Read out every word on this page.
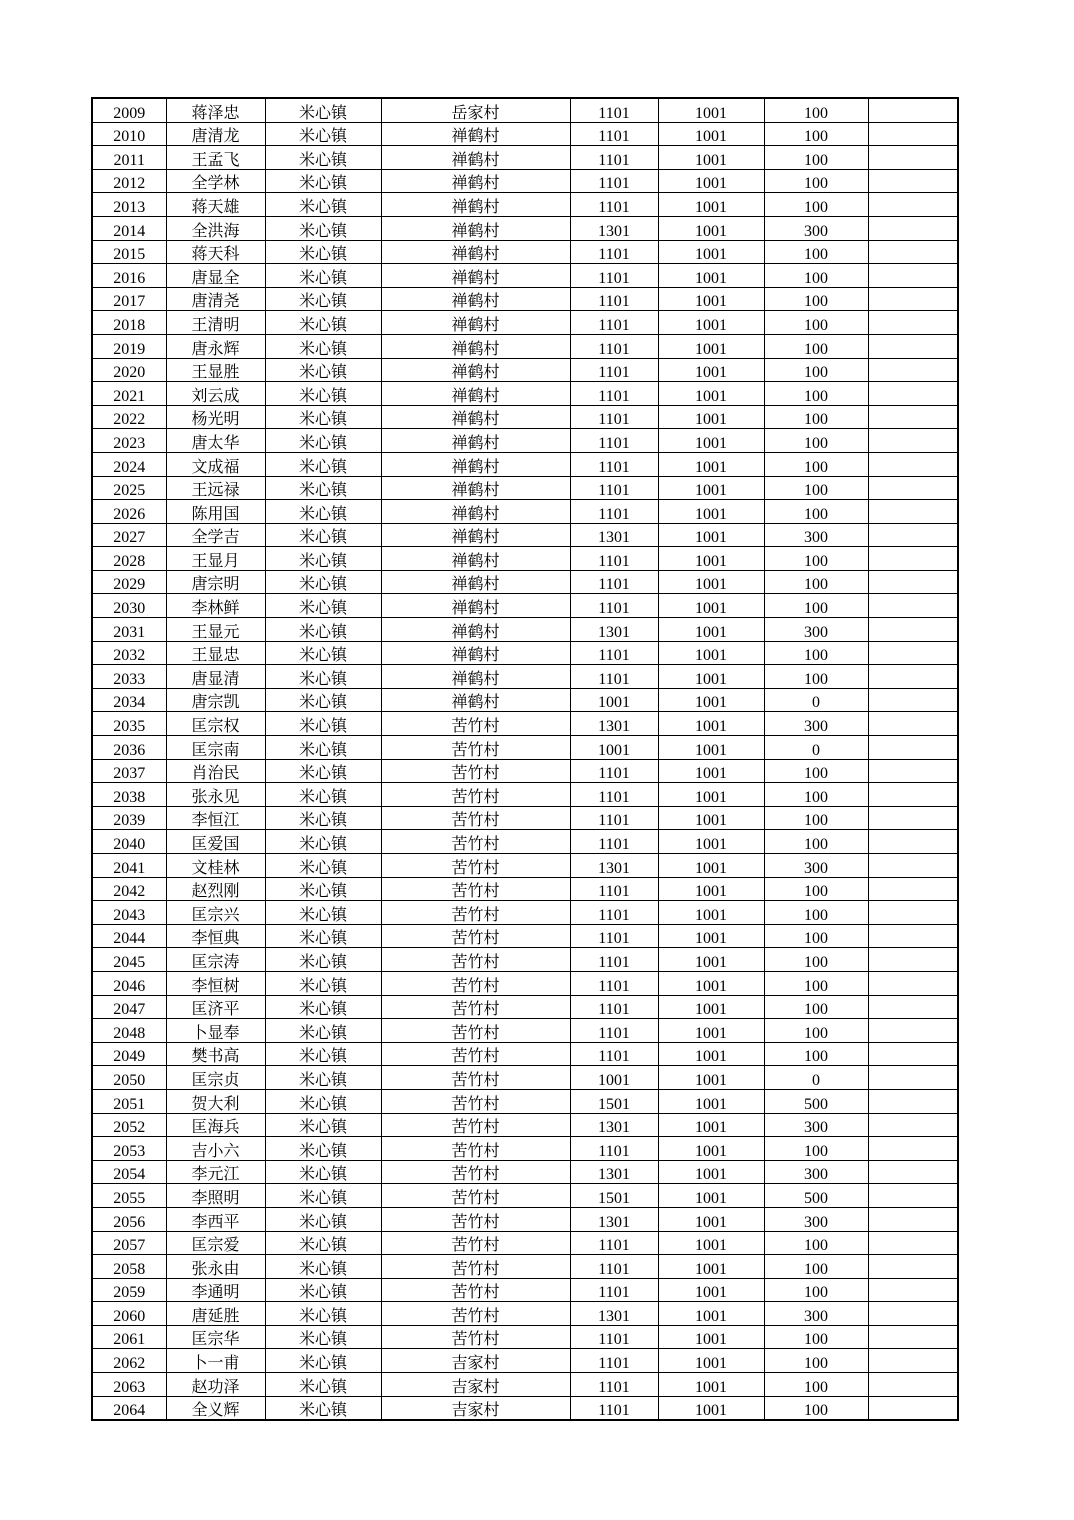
2009	蒋泽忠	米心镇	岳家村	1101	1001	100	
2010	唐清龙	米心镇	禅鹤村	1101	1001	100	
2011	王孟飞	米心镇	禅鹤村	1101	1001	100	
2012	全学林	米心镇	禅鹤村	1101	1001	100	
2013	蒋天雄	米心镇	禅鹤村	1101	1001	100	
2014	全洪海	米心镇	禅鹤村	1301	1001	300	
2015	蒋天科	米心镇	禅鹤村	1101	1001	100	
2016	唐显全	米心镇	禅鹤村	1101	1001	100	
2017	唐清尧	米心镇	禅鹤村	1101	1001	100	
2018	王清明	米心镇	禅鹤村	1101	1001	100	
2019	唐永辉	米心镇	禅鹤村	1101	1001	100	
2020	王显胜	米心镇	禅鹤村	1101	1001	100	
2021	刘云成	米心镇	禅鹤村	1101	1001	100	
2022	杨光明	米心镇	禅鹤村	1101	1001	100	
2023	唐太华	米心镇	禅鹤村	1101	1001	100	
2024	文成福	米心镇	禅鹤村	1101	1001	100	
2025	王远禄	米心镇	禅鹤村	1101	1001	100	
2026	陈用国	米心镇	禅鹤村	1101	1001	100	
2027	全学吉	米心镇	禅鹤村	1301	1001	300	
2028	王显月	米心镇	禅鹤村	1101	1001	100	
2029	唐宗明	米心镇	禅鹤村	1101	1001	100	
2030	李林鲜	米心镇	禅鹤村	1101	1001	100	
2031	王显元	米心镇	禅鹤村	1301	1001	300	
2032	王显忠	米心镇	禅鹤村	1101	1001	100	
2033	唐显清	米心镇	禅鹤村	1101	1001	100	
2034	唐宗凯	米心镇	禅鹤村	1001	1001	0	
2035	匡宗权	米心镇	苦竹村	1301	1001	300	
2036	匡宗南	米心镇	苦竹村	1001	1001	0	
2037	肖治民	米心镇	苦竹村	1101	1001	100	
2038	张永见	米心镇	苦竹村	1101	1001	100	
2039	李恒江	米心镇	苦竹村	1101	1001	100	
2040	匡爱国	米心镇	苦竹村	1101	1001	100	
2041	文桂林	米心镇	苦竹村	1301	1001	300	
2042	赵烈刚	米心镇	苦竹村	1101	1001	100	
2043	匡宗兴	米心镇	苦竹村	1101	1001	100	
2044	李恒典	米心镇	苦竹村	1101	1001	100	
2045	匡宗涛	米心镇	苦竹村	1101	1001	100	
2046	李恒树	米心镇	苦竹村	1101	1001	100	
2047	匡济平	米心镇	苦竹村	1101	1001	100	
2048	卜显奉	米心镇	苦竹村	1101	1001	100	
2049	樊书高	米心镇	苦竹村	1101	1001	100	
2050	匡宗贞	米心镇	苦竹村	1001	1001	0	
2051	贺大利	米心镇	苦竹村	1501	1001	500	
2052	匡海兵	米心镇	苦竹村	1301	1001	300	
2053	吉小六	米心镇	苦竹村	1101	1001	100	
2054	李元江	米心镇	苦竹村	1301	1001	300	
2055	李照明	米心镇	苦竹村	1501	1001	500	
2056	李西平	米心镇	苦竹村	1301	1001	300	
2057	匡宗爱	米心镇	苦竹村	1101	1001	100	
2058	张永由	米心镇	苦竹村	1101	1001	100	
2059	李通明	米心镇	苦竹村	1101	1001	100	
2060	唐延胜	米心镇	苦竹村	1301	1001	300	
2061	匡宗华	米心镇	苦竹村	1101	1001	100	
2062	卜一甫	米心镇	吉家村	1101	1001	100	
2063	赵功泽	米心镇	吉家村	1101	1001	100	
2064	全义辉	米心镇	吉家村	1101	1001	100	
